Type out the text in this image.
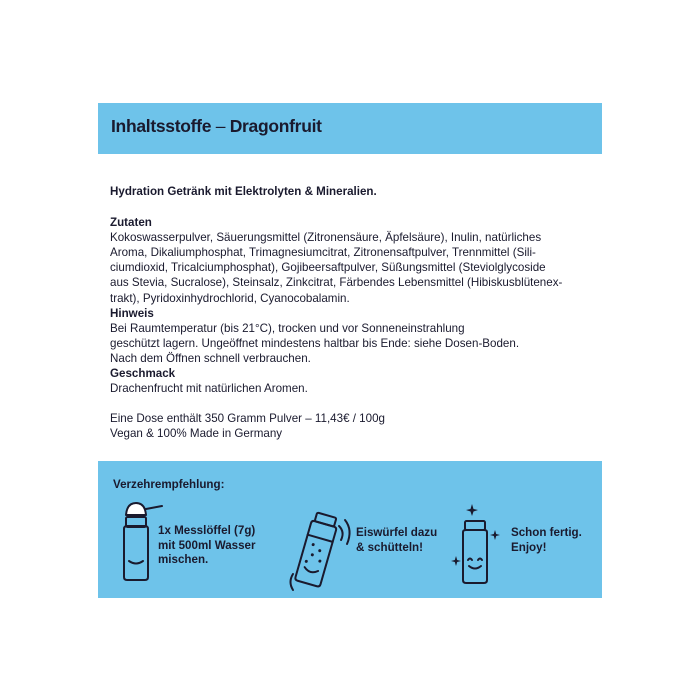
Inhaltsstoffe – Dragonfruit

Hydration Getränk mit Elektrolyten & Mineralien.

Zutaten

Kokoswasserpulver, Säuerungsmittel (Zitronensäure, Äpfelsäure), Inulin, natürliches

Aroma, Dikaliumphosphat, Trimagnesiumcitrat, Zitronensaftpulver, Trennmittel (Sili-

ciumdioxid, Tricalciumphosphat), Gojibeersaftpulver, Süßungsmittel (Steviolglycoside

aus Stevia, Sucralose), Steinsalz, Zinkcitrat, Färbendes Lebensmittel (Hibiskusblütenex-

trakt), Pyridoxinhydrochlorid, Cyanocobalamin.

Hinweis

Bei Raumtemperatur (bis 21°C), trocken und vor Sonneneinstrahlung

geschützt lagern. Ungeöffnet mindestens haltbar bis Ende: siehe Dosen-Boden.

Nach dem Öffnen schnell verbrauchen.

Geschmack

Drachenfrucht mit natürlichen Aromen.

Eine Dose enthält 350 Gramm Pulver – 11,43€ / 100g

Vegan & 100% Made in Germany

Verzehrempfehlung:
1x Messlöffel (7g)
mit 500ml Wasser
mischen.
Eiswürfel dazu
& schütteln!
Schon fertig.
Enjoy!
